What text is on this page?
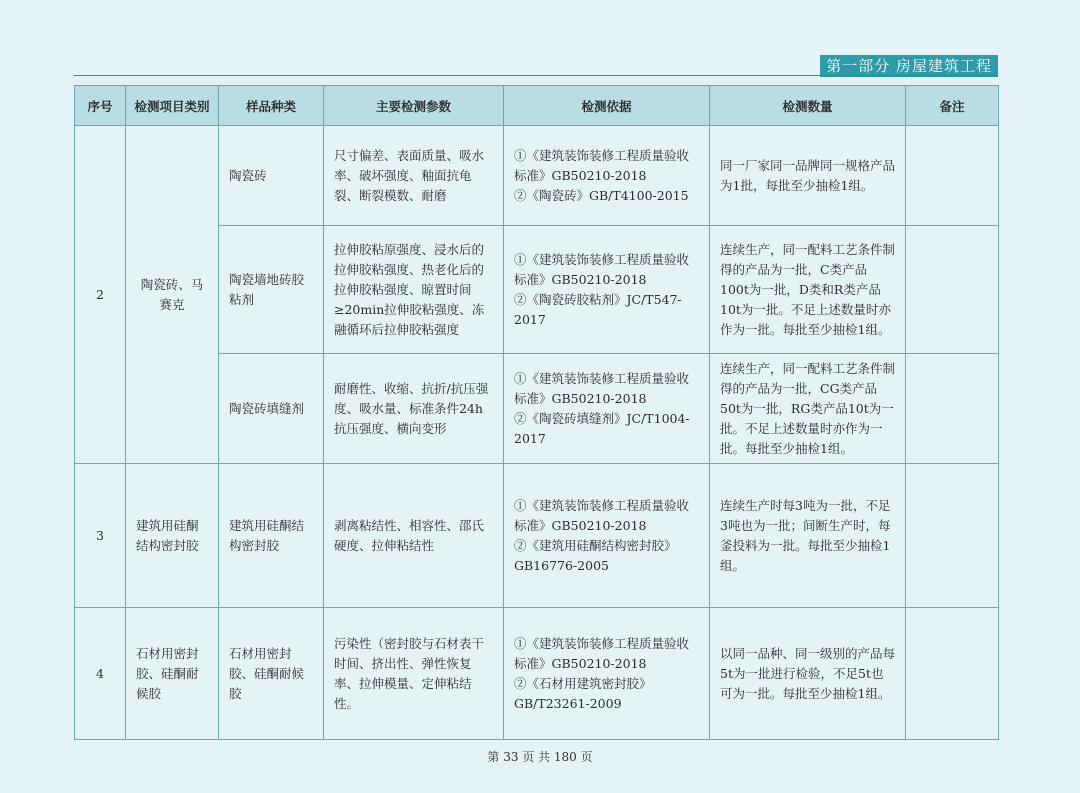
第一部分 房屋建筑工程
序号	检测项目类别	样品种类	主要检测参数	检测依据	检测数量	备注
2	陶瓷砖、马赛克	陶瓷砖	尺寸偏差、表面质量、吸水率、破坏强度、釉面抗龟裂、断裂模数、耐磨	①《建筑装饰装修工程质量验收标准》GB50210-2018
②《陶瓷砖》GB/T4100-2015	同一厂家同一品牌同一规格产品为1批，每批至少抽检1组。	
		陶瓷墙地砖胶粘剂	拉伸胶粘原强度、浸水后的拉伸胶粘强度、热老化后的拉伸胶粘强度、晾置时间≥20min拉伸胶粘强度、冻融循环后拉伸胶粘强度	①《建筑装饰装修工程质量验收标准》GB50210-2018
②《陶瓷砖胶粘剂》JC/T547-2017	连续生产，同一配料工艺条件制得的产品为一批，C类产品100t为一批，D类和R类产品10t为一批。不足上述数量时亦作为一批。每批至少抽检1组。	
		陶瓷砖填缝剂	耐磨性、收缩、抗折/抗压强度、吸水量、标准条件24h抗压强度、横向变形	①《建筑装饰装修工程质量验收标准》GB50210-2018
②《陶瓷砖填缝剂》JC/T1004-2017	连续生产，同一配料工艺条件制得的产品为一批，CG类产品50t为一批，RG类产品10t为一批。不足上述数量时亦作为一批。每批至少抽检1组。	
3	建筑用硅酮结构密封胶	建筑用硅酮结构密封胶	剥离粘结性、相容性、邵氏硬度、拉伸粘结性	①《建筑装饰装修工程质量验收标准》GB50210-2018
②《建筑用硅酮结构密封胶》GB16776-2005	连续生产时每3吨为一批，不足3吨也为一批；间断生产时，每釜投料为一批。每批至少抽检1组。	
4	石材用密封胶、硅酮耐候胶	石材用密封胶、硅酮耐候胶	污染性（密封胶与石材表干时间、挤出性、弹性恢复率、拉伸模量、定伸粘结性。	①《建筑装饰装修工程质量验收标准》GB50210-2018
②《石材用建筑密封胶》GB/T23261-2009	以同一品种、同一级别的产品每5t为一批进行检验，不足5t也可为一批。每批至少抽检1组。	
第 33 页 共 180 页
